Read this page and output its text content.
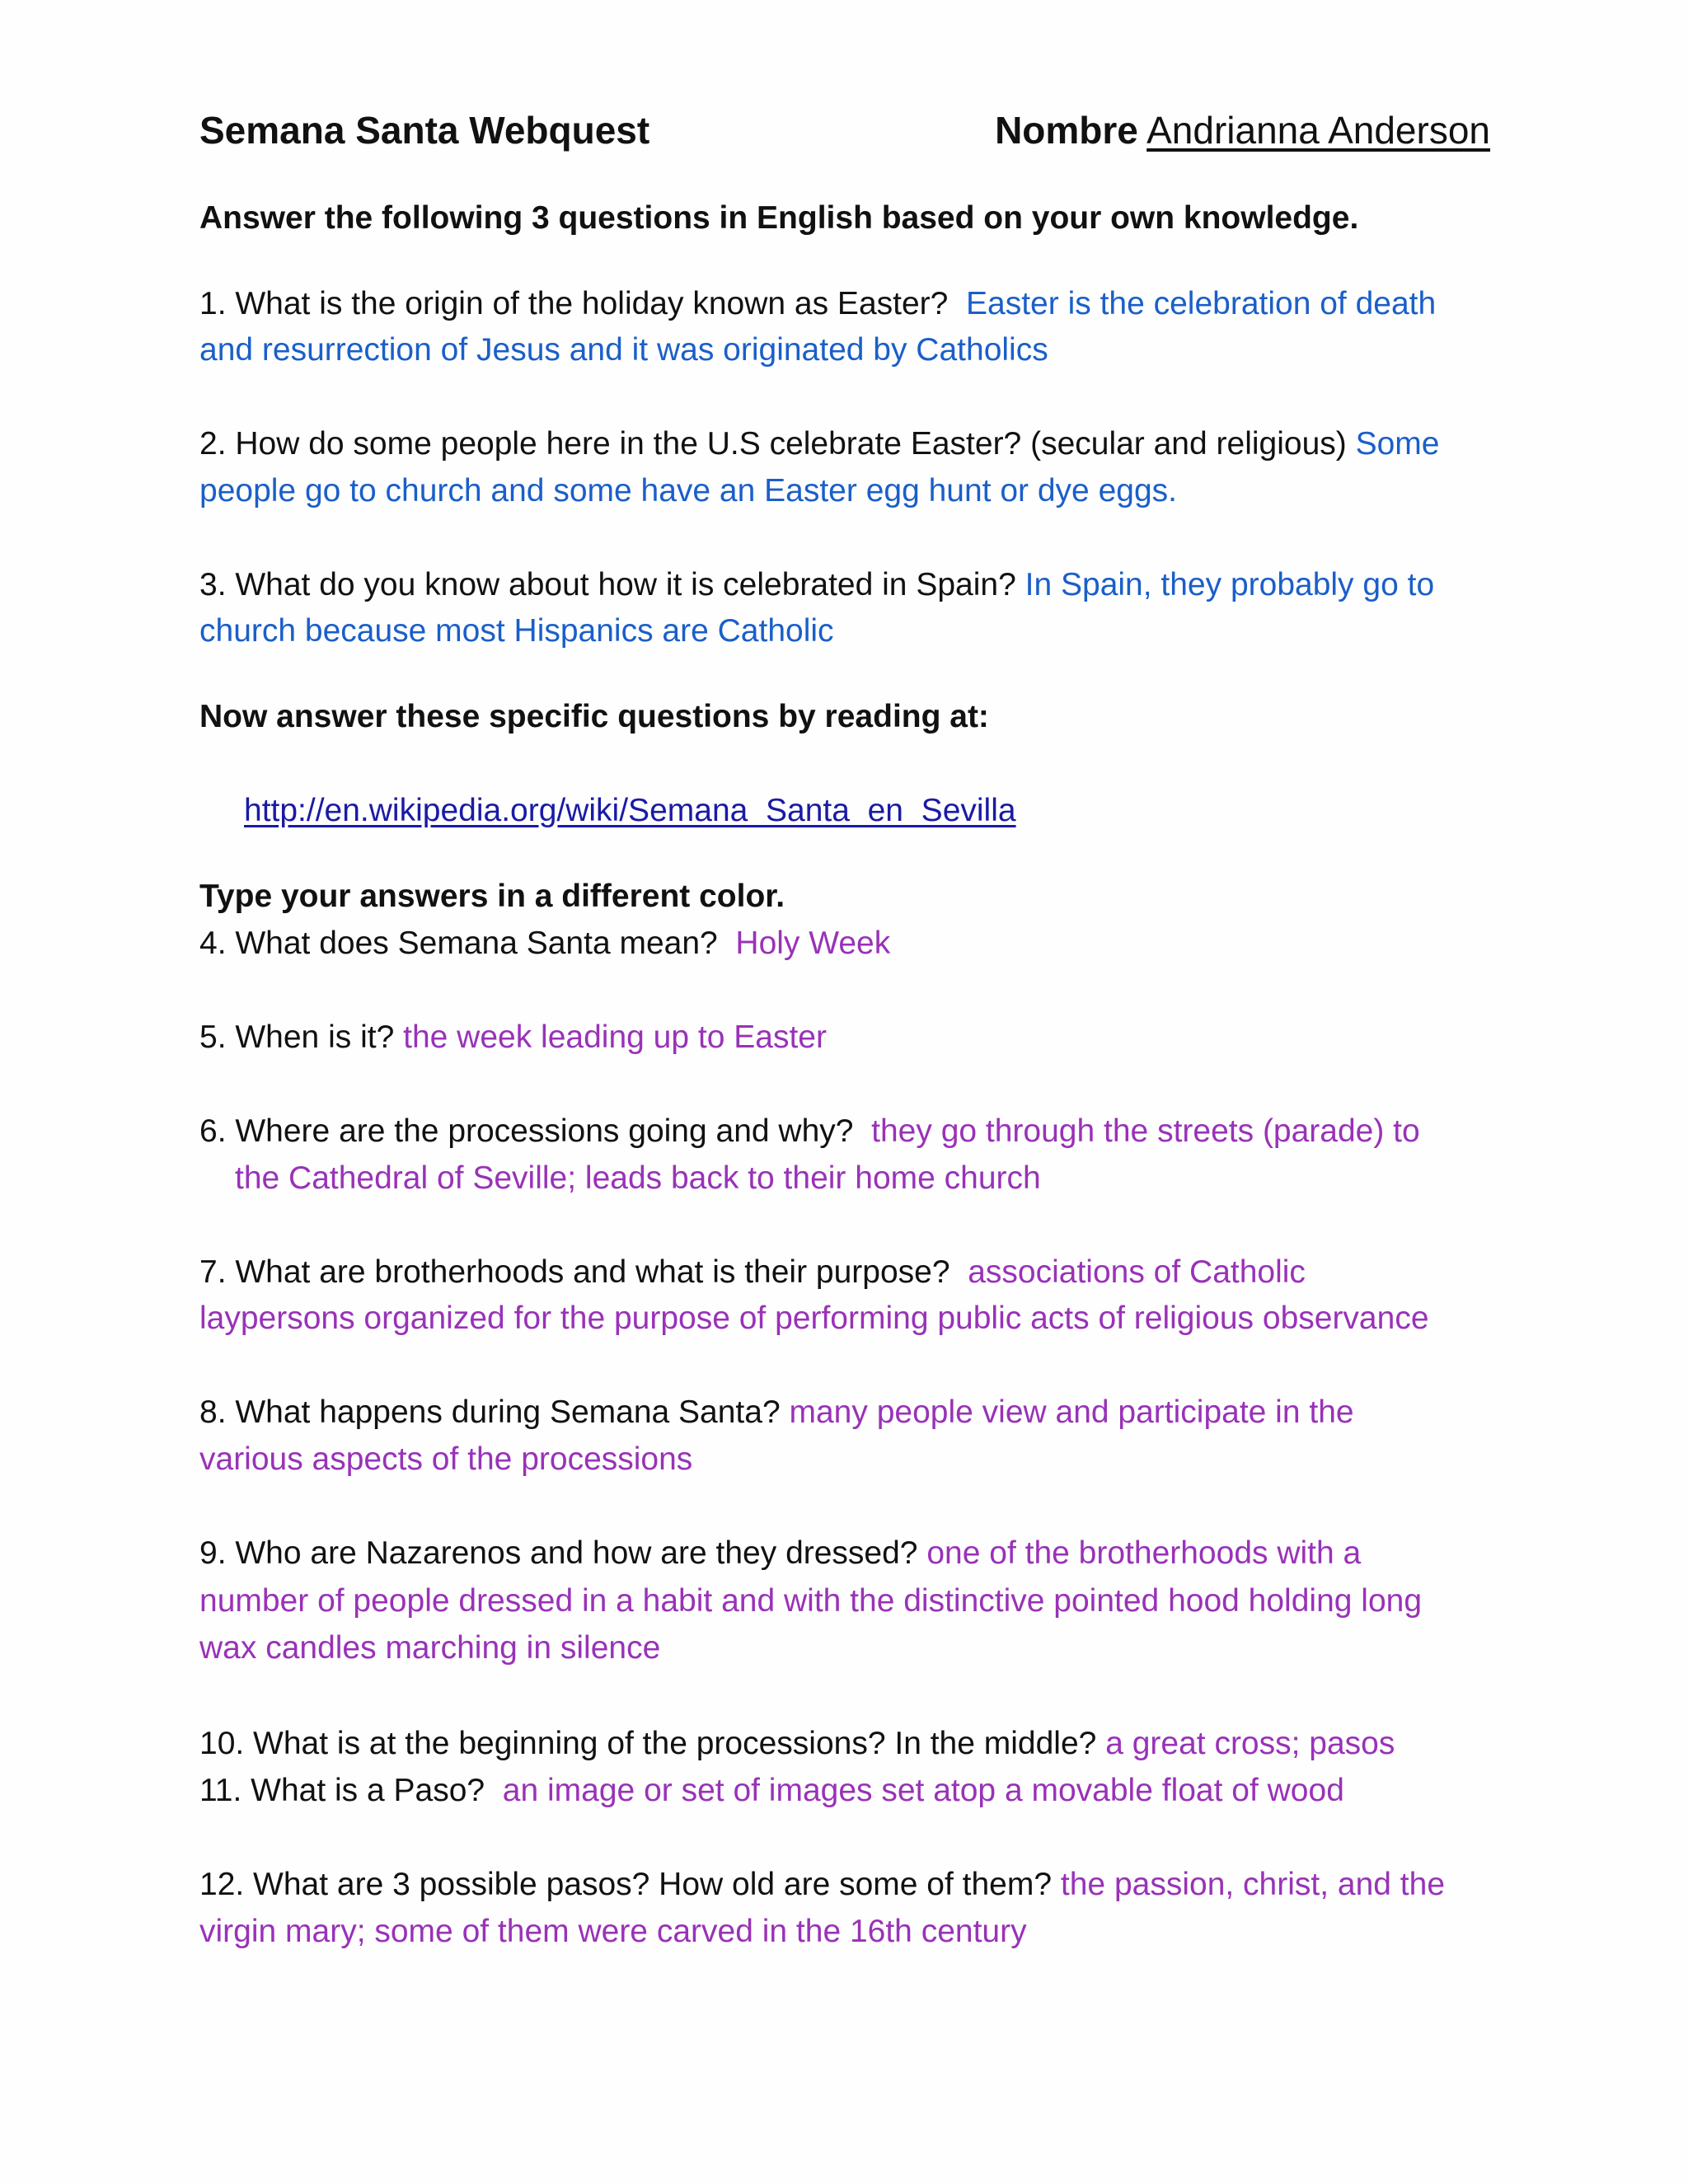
Semana Santa Webquest	Nombre Andrianna Anderson
Answer the following 3 questions in English based on your own knowledge.
1. What is the origin of the holiday known as Easter? Easter is the celebration of death
and resurrection of Jesus and it was originated by Catholics
2. How do some people here in the U.S celebrate Easter? (secular and religious) Some
people go to church and some have an Easter egg hunt or dye eggs.
3. What do you know about how it is celebrated in Spain? In Spain, they probably go to
church because most Hispanics are Catholic
Now answer these specific questions by reading at:
http://en.wikipedia.org/wiki/Semana_Santa_en_Sevilla
Type your answers in a different color.
4. What does Semana Santa mean? Holy Week
5. When is it? the week leading up to Easter
6. Where are the processions going and why? they go through the streets (parade) to
the Cathedral of Seville; leads back to their home church
7. What are brotherhoods and what is their purpose? associations of Catholic
laypersons organized for the purpose of performing public acts of religious observance
8. What happens during Semana Santa? many people view and participate in the
various aspects of the processions
9. Who are Nazarenos and how are they dressed? one of the brotherhoods with a
number of people dressed in a habit and with the distinctive pointed hood holding long
wax candles marching in silence
10. What is at the beginning of the processions? In the middle? a great cross; pasos
11. What is a Paso? an image or set of images set atop a movable float of wood
12. What are 3 possible pasos? How old are some of them? the passion, christ, and the
virgin mary; some of them were carved in the 16th century
